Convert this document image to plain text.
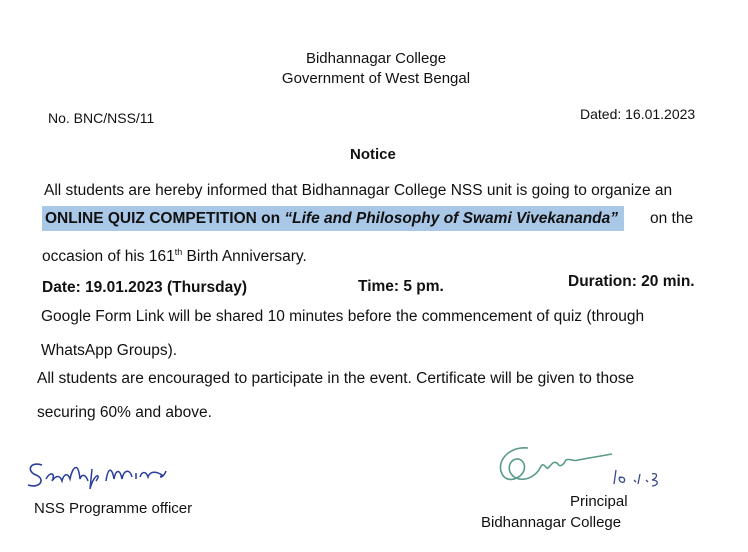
Bidhannagar College
Government of West Bengal
No. BNC/NSS/11	Dated: 16.01.2023
Notice
All students are hereby informed that Bidhannagar College NSS unit is going to organize an
ONLINE QUIZ COMPETITION on “Life and Philosophy of Swami Vivekananda”	on the
occasion of his 161th Birth Anniversary.
Date: 19.01.2023 (Thursday)	Time: 5 pm.	Duration: 20 min.
Google Form Link will be shared 10 minutes before the commencement of quiz (through
WhatsApp Groups).
All students are encouraged to participate in the event. Certificate will be given to those
securing 60% and above.
NSS Programme officer	Principal
Bidhannagar College
